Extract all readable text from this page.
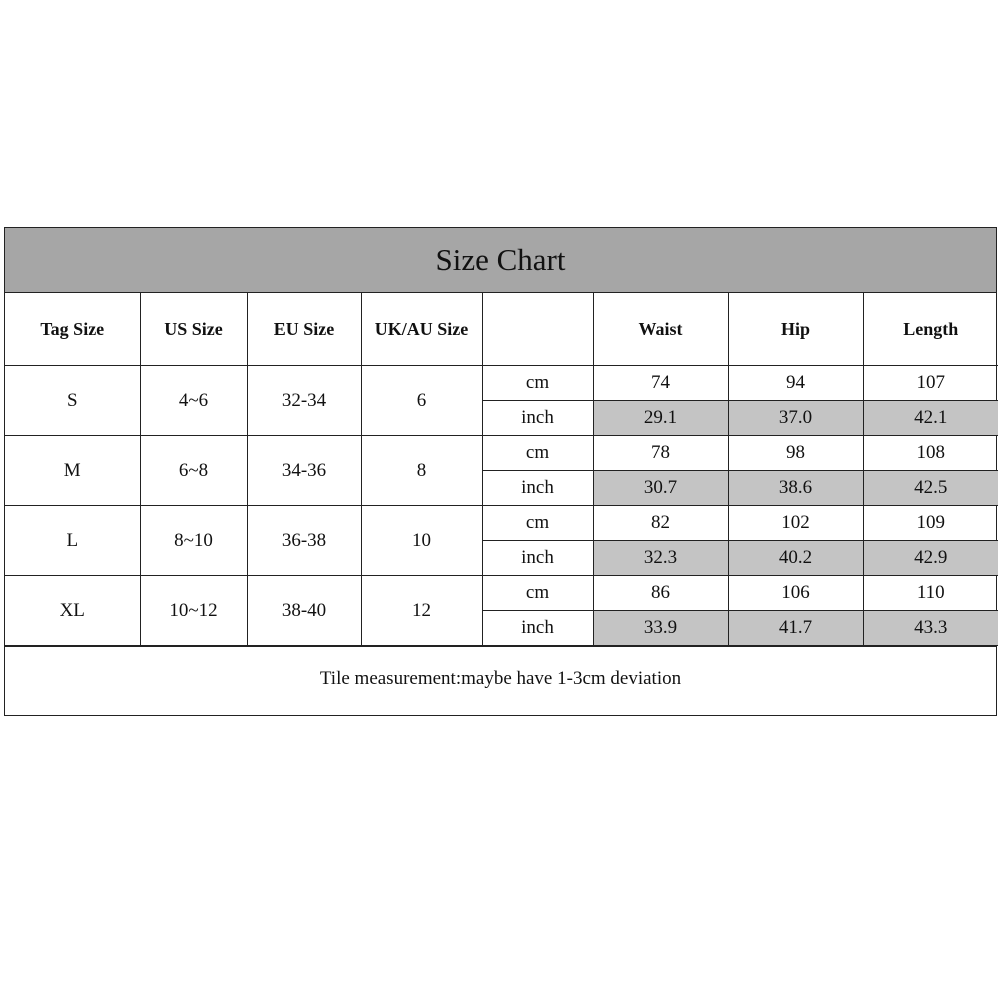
Size Chart
Tag Size	US Size	EU Size	UK/AU Size		Waist	Hip	Length
S	4~6	32-34	6	cm	74	94	107
				inch	29.1	37.0	42.1
M	6~8	34-36	8	cm	78	98	108
				inch	30.7	38.6	42.5
L	8~10	36-38	10	cm	82	102	109
				inch	32.3	40.2	42.9
XL	10~12	38-40	12	cm	86	106	110
				inch	33.9	41.7	43.3
Tile measurement:maybe have 1-3cm deviation
